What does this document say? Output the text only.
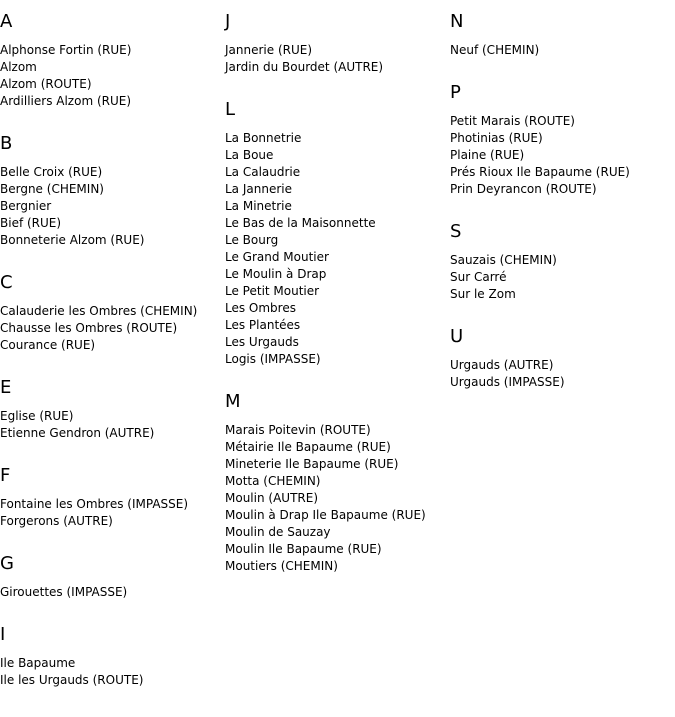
A
Alphonse Fortin (RUE)
Alzom
Alzom (ROUTE)
Ardilliers Alzom (RUE)
B
Belle Croix (RUE)
Bergne (CHEMIN)
Bergnier
Bief (RUE)
Bonneterie Alzom (RUE)
C
Calauderie les Ombres (CHEMIN)
Chausse les Ombres (ROUTE)
Courance (RUE)
E
Eglise (RUE)
Etienne Gendron (AUTRE)
F
Fontaine les Ombres (IMPASSE)
Forgerons (AUTRE)
G
Girouettes (IMPASSE)
I
Ile Bapaume
Ile les Urgauds (ROUTE)
J
Jannerie (RUE)
Jardin du Bourdet (AUTRE)
L
La Bonnetrie
La Boue
La Calaudrie
La Jannerie
La Minetrie
Le Bas de la Maisonnette
Le Bourg
Le Grand Moutier
Le Moulin à Drap
Le Petit Moutier
Les Ombres
Les Plantées
Les Urgauds
Logis (IMPASSE)
M
Marais Poitevin (ROUTE)
Métairie Ile Bapaume (RUE)
Mineterie Ile Bapaume (RUE)
Motta (CHEMIN)
Moulin (AUTRE)
Moulin à Drap Ile Bapaume (RUE)
Moulin de Sauzay
Moulin Ile Bapaume (RUE)
Moutiers (CHEMIN)
N
Neuf (CHEMIN)
P
Petit Marais (ROUTE)
Photinias (RUE)
Plaine (RUE)
Prés Rioux Ile Bapaume (RUE)
Prin Deyrancon (ROUTE)
S
Sauzais (CHEMIN)
Sur Carré
Sur le Zom
U
Urgauds (AUTRE)
Urgauds (IMPASSE)
